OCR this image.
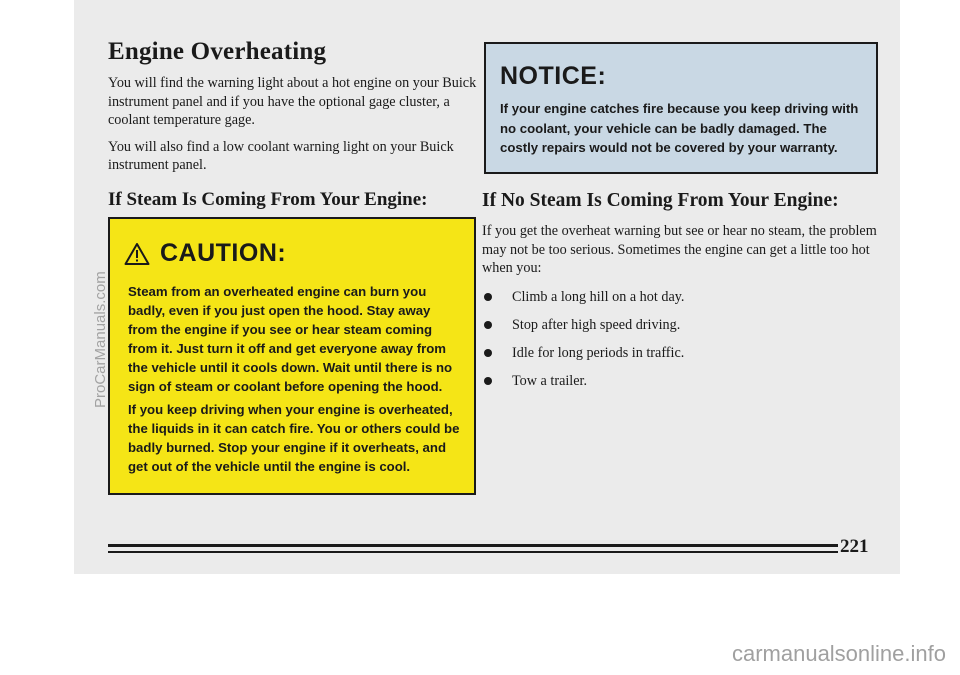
Engine Overheating

You will find the warning light about a hot engine on your Buick instrument panel and if you have the optional gage cluster, a coolant temperature gage.

You will also find a low coolant warning light on your Buick instrument panel.

If Steam Is Coming From Your Engine:
CAUTION:

Steam from an overheated engine can burn you badly, even if you just open the hood. Stay away from the engine if you see or hear steam coming from it. Just turn it off and get everyone away from the vehicle until it cools down. Wait until there is no sign of steam or coolant before opening the hood.

If you keep driving when your engine is overheated, the liquids in it can catch fire. You or others could be badly burned. Stop your engine if it overheats, and get out of the vehicle until the engine is cool.

NOTICE:

If your engine catches fire because you keep driving with no coolant, your vehicle can be badly damaged. The costly repairs would not be covered by your warranty.

If No Steam Is Coming From Your Engine:

If you get the overheat warning but see or hear no steam, the problem may not be too serious. Sometimes the engine can get a little too hot when you:

Climb a long hill on a hot day.
Stop after high speed driving.
Idle for long periods in traffic.
Tow a trailer.
221
ProCarManuals.com
carmanualsonline.info
